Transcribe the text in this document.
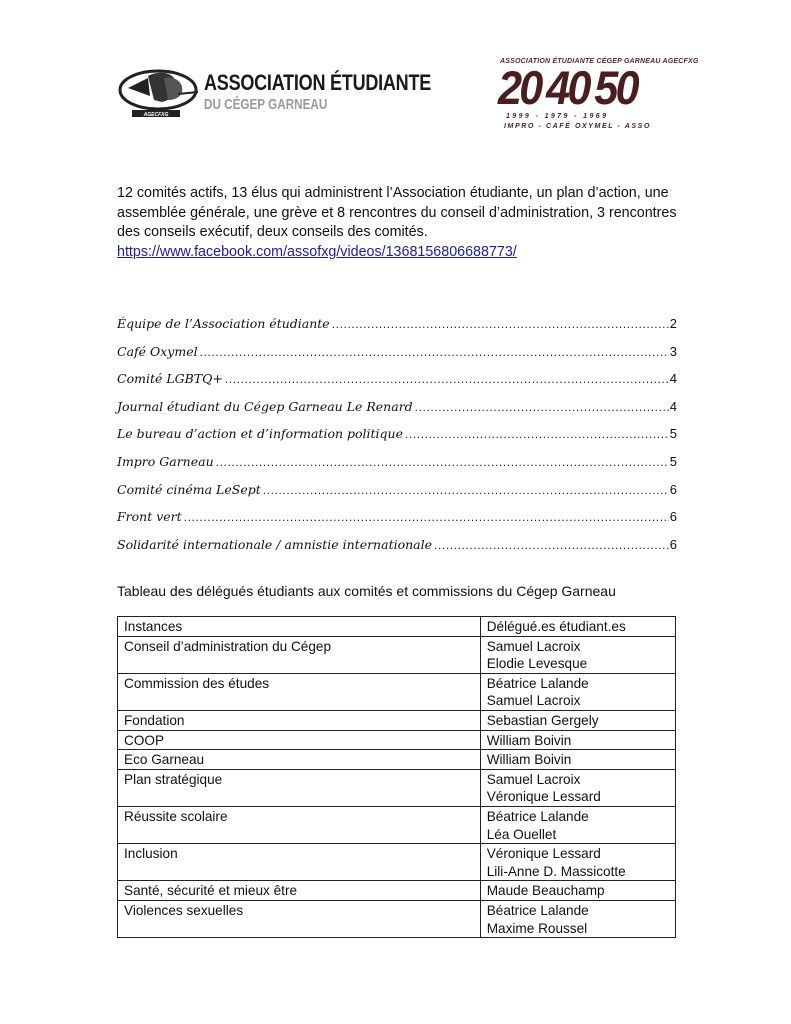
AGECFXG
ASSOCIATION ÉTUDIANTE
DU CÉGEP GARNEAU
ASSOCIATION ÉTUDIANTE CÉGEP GARNEAU AGECFXG
20 40 50
1999 - 1979 - 1969
IMPRO - CAFÉ OXYMEL - ASSO

12 comités actifs, 13 élus qui administrent l’Association étudiante, un plan d’action, une assemblée générale, une grève et 8 rencontres du conseil d’administration, 3 rencontres des conseils exécutif, deux conseils des comités.

https://www.facebook.com/assofxg/videos/1368156806688773/
Équipe de l’Association étudiante .....	2
Café Oxymel .....	3
Comité LGBTQ+ .....	4
Journal étudiant du Cégep Garneau Le Renard .....	4
Le bureau d’action et d’information politique .....	5
Impro Garneau .....	5
Comité cinéma LeSept .....	6
Front vert .....	6
Solidarité internationale / amnistie internationale .....	6
Tableau des délégués étudiants aux comités et commissions du Cégep Garneau
Instances	Délégué.es étudiant.es
Conseil d’administration du Cégep	Samuel Lacroix
Elodie Levesque

Commission des études	Béatrice Lalande
Samuel Lacroix

Fondation	Sebastian Gergely

COOP	William Boivin

Eco Garneau	William Boivin

Plan stratégique	Samuel Lacroix
Véronique Lessard

Réussite scolaire	Béatrice Lalande
Léa Ouellet

Inclusion	Véronique Lessard
Lili-Anne D. Massicotte

Santé, sécurité et mieux être	Maude Beauchamp

Violences sexuelles	Béatrice Lalande
Maxime Roussel
